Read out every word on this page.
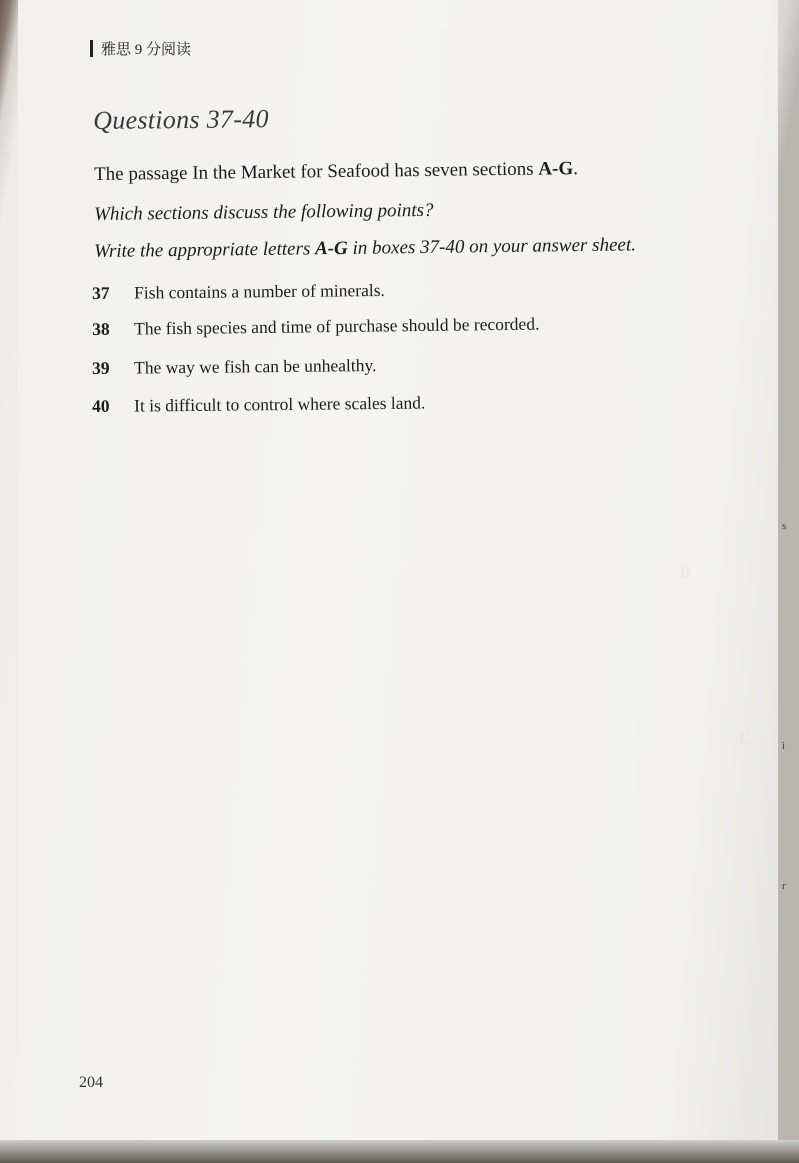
B
C
s
i
r
雅思 9 分阅读
Questions 37-40
The passage In the Market for Seafood has seven sections A-G.
Which sections discuss the following points?
Write the appropriate letters A-G in boxes 37-40 on your answer sheet.
37	Fish contains a number of minerals.
38	The fish species and time of purchase should be recorded.
39	The way we fish can be unhealthy.
40	It is difficult to control where scales land.
204
